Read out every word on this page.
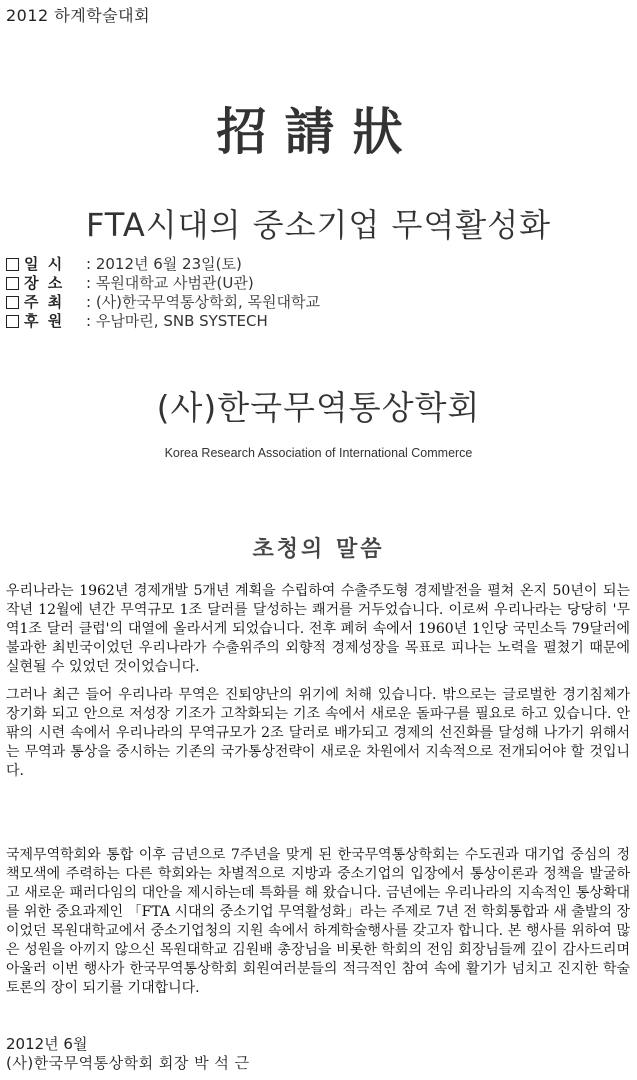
2012 하계학술대회
招請狀
FTA시대의 중소기업 무역활성화
일 시	: 2012년 6월 23일(토)
장 소	: 목원대학교 사범관(U관)
주 최	: (사)한국무역통상학회, 목원대학교
후 원	: 우남마린, SNB SYSTECH
(사)한국무역통상학회
Korea Research Association of International Commerce
초청의 말씀
우리나라는 1962년 경제개발 5개년 계획을 수립하여 수출주도형 경제발전을 펼쳐 온지 50년이 되는 작년 12월에 년간 무역규모 1조 달러를 달성하는 쾌거를 거두었습니다. 이로써 우리나라는 당당히 '무역1조 달러 클럽'의 대열에 올라서게 되었습니다. 전후 폐허 속에서 1960년 1인당 국민소득 79달러에 불과한 최빈국이었던 우리나라가 수출위주의 외향적 경제성장을 목표로 피나는 노력을 펼쳤기 때문에 실현될 수 있었던 것이었습니다.
그러나 최근 들어 우리나라 무역은 진퇴양난의 위기에 처해 있습니다. 밖으로는 글로벌한 경기침체가 장기화 되고 안으로 저성장 기조가 고착화되는 기조 속에서 새로운 돌파구를 필요로 하고 있습니다. 안팎의 시련 속에서 우리나라의 무역규모가 2조 달러로 배가되고 경제의 선진화를 달성해 나가기 위해서는 무역과 통상을 중시하는 기존의 국가통상전략이 새로운 차원에서 지속적으로 전개되어야 할 것입니다.
국제무역학회와 통합 이후 금년으로 7주년을 맞게 된 한국무역통상학회는 수도권과 대기업 중심의 정책모색에 주력하는 다른 학회와는 차별적으로 지방과 중소기업의 입장에서 통상이론과 정책을 발굴하고 새로운 패러다임의 대안을 제시하는데 특화를 해 왔습니다. 금년에는 우리나라의 지속적인 통상확대를 위한 중요과제인 「FTA 시대의 중소기업 무역활성화」라는 주제로 7년 전 학회통합과 새 출발의 장이었던 목원대학교에서 중소기업청의 지원 속에서 하계학술행사를 갖고자 합니다. 본 행사를 위하여 많은 성원을 아끼지 않으신 목원대학교 김원배 총장님을 비롯한 학회의 전임 회장님들께 깊이 감사드리며 아울러 이번 행사가 한국무역통상학회 회원여러분들의 적극적인 참여 속에 활기가 넘치고 진지한 학술토론의 장이 되기를 기대합니다.
2012년 6월
(사)한국무역통상학회 회장 박 석 근
